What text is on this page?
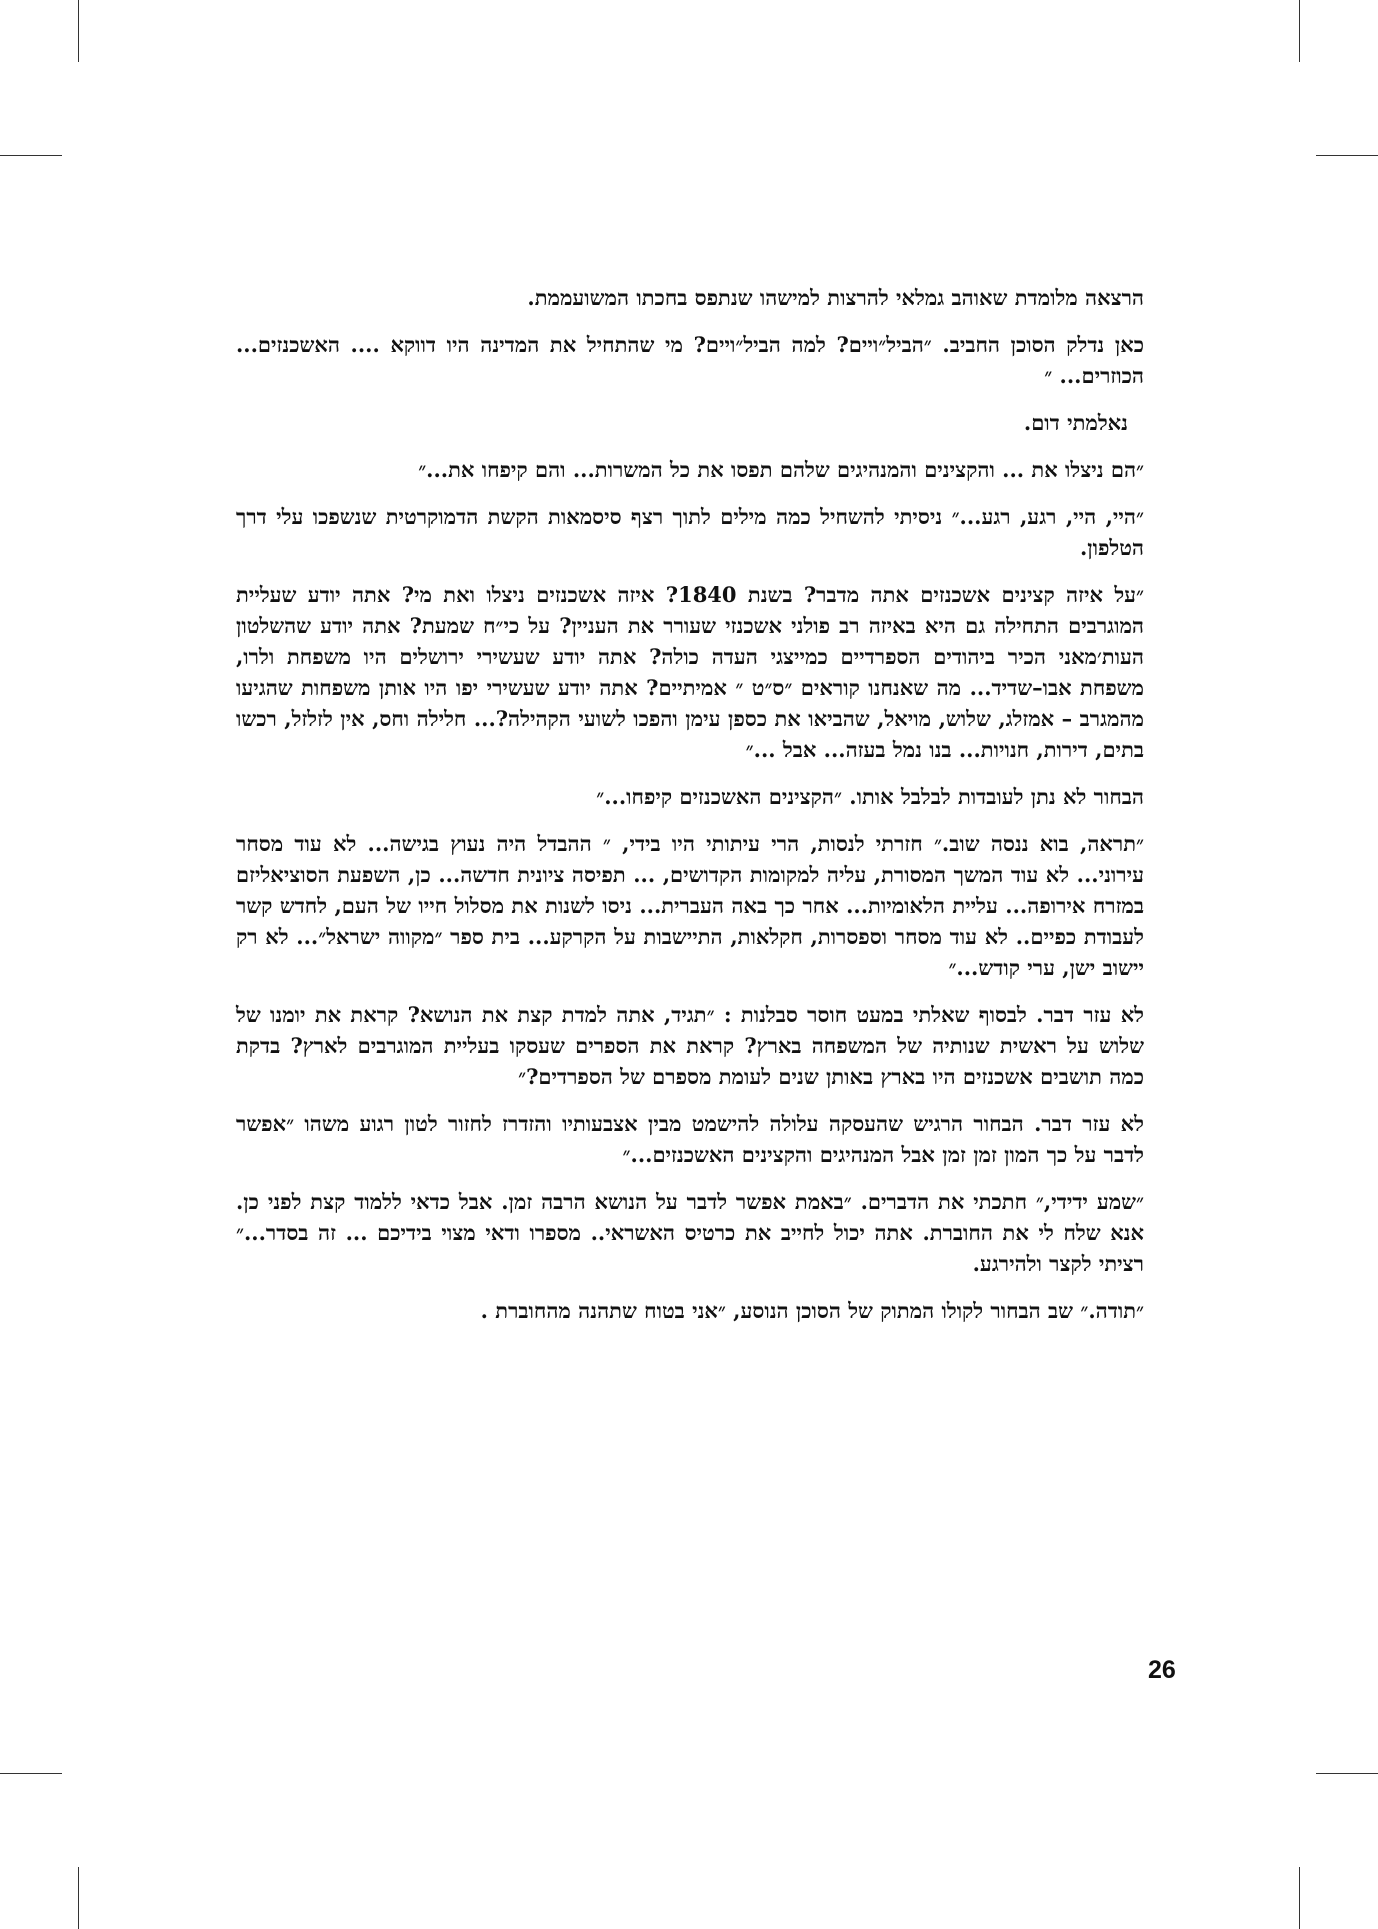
הרצאה מלומדת שאוהב גמלאי להרצות למישהו שנתפס בחכתו המשועממת.

כאן נדלק הסוכן החביב. ״הביל״ויים? למה הביל״ויים? מי שהתחיל את המדינה היו דווקא .... האשכנזים... הכוזרים... ״

נאלמתי דום.

״הם ניצלו את ... והקצינים והמנהיגים שלהם תפסו את כל המשרות... והם קיפחו את...״

״היי, היי, רגע, רגע...״ ניסיתי להשחיל כמה מילים לתוך רצף סיסמאות הקשת הדמוקרטית שנשפכו עלי דרך הטלפון.

״על איזה קצינים אשכנזים אתה מדבר? בשנת 1840? איזה אשכנזים ניצלו ואת מי? אתה יודע שעליית המוגרבים התחילה גם היא באיזה רב פולני אשכנזי שעורר את העניין? על כי״ח שמעת? אתה יודע שהשלטון העות׳מאני הכיר ביהודים הספרדיים כמייצגי העדה כולה? אתה יודע שעשירי ירושלים היו משפחת ולרו, משפחת אבו–שדיד... מה שאנחנו קוראים ״ס״ט ״ אמיתיים? אתה יודע שעשירי יפו היו אותן משפחות שהגיעו מהמגרב – אמזלג, שלוש, מויאל, שהביאו את כספן עימן והפכו לשועי הקהילה?... חלילה וחס, אין לזלזל, רכשו בתים, דירות, חנויות... בנו נמל בעזה... אבל ...״

הבחור לא נתן לעובדות לבלבל אותו. ״הקצינים האשכנזים קיפחו...״

״תראה, בוא ננסה שוב.״ חזרתי לנסות, הרי עיתותי היו בידי, ״ ההבדל היה נעוץ בגישה... לא עוד מסחר עירוני... לא עוד המשך המסורת, עליה למקומות הקדושים, ... תפיסה ציונית חדשה... כן, השפעת הסוציאליזם במזרח אירופה... עליית הלאומיות... אחר כך באה העברית... ניסו לשנות את מסלול חייו של העם, לחדש קשר לעבודת כפיים.. לא עוד מסחר וספסרות, חקלאות, התיישבות על הקרקע... בית ספר ״מקווה ישראל״... לא רק יישוב ישן, ערי קודש...״

לא עזר דבר. לבסוף שאלתי במעט חוסר סבלנות : ״תגיד, אתה למדת קצת את הנושא? קראת את יומנו של שלוש על ראשית שנותיה של המשפחה בארץ? קראת את הספרים שעסקו בעליית המוגרבים לארץ? בדקת כמה תושבים אשכנזים היו בארץ באותן שנים לעומת מספרם של הספרדים?״

לא עזר דבר. הבחור הרגיש שהעסקה עלולה להישמט מבין אצבעותיו והזדרז לחזור לטון רגוע משהו ״אפשר לדבר על כך המון זמן זמן אבל המנהיגים והקצינים האשכנזים...״

״שמע ידידי,״ חתכתי את הדברים. ״באמת אפשר לדבר על הנושא הרבה זמן. אבל כדאי ללמוד קצת לפני כן. אנא שלח לי את החוברת. אתה יכול לחייב את כרטיס האשראי.. מספרו ודאי מצוי בידיכם ... זה בסדר...״ רציתי לקצר ולהירגע.

״תודה.״ שב הבחור לקולו המתוק של הסוכן הנוסע, ״אני בטוח שתהנה מהחוברת .

26
